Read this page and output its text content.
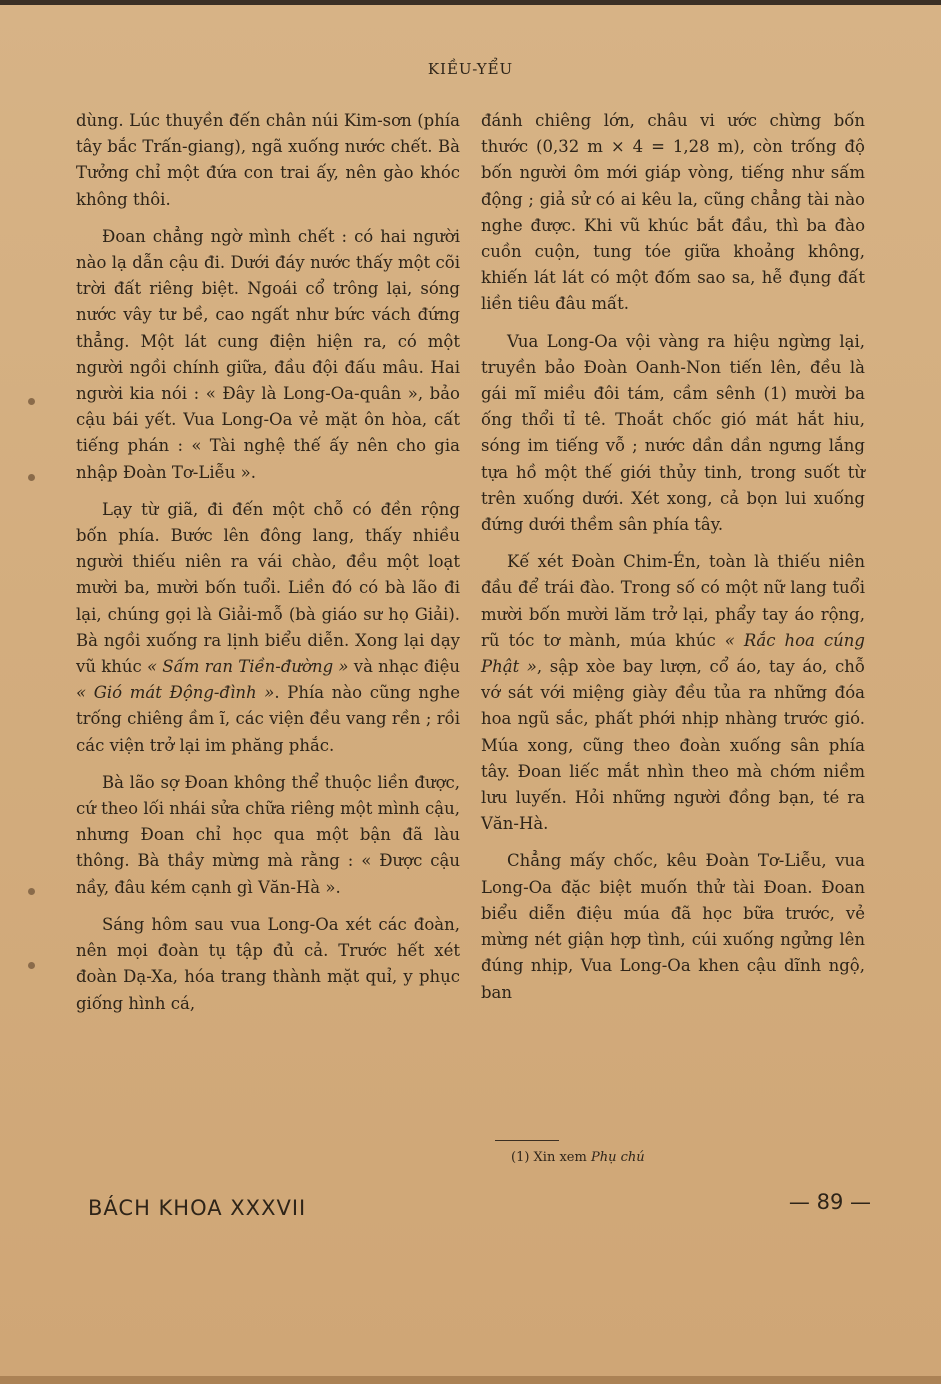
KIỀU-YỂU

dùng. Lúc thuyền đến chân núi Kim-sơn (phía tây bắc Trấn-giang), ngã xuống nước chết. Bà Tưởng chỉ một đứa con trai ấy, nên gào khóc không thôi.

Đoan chẳng ngờ mình chết : có hai người nào lạ dẫn cậu đi. Dưới đáy nước thấy một cõi trời đất riêng biệt. Ngoái cổ trông lại, sóng nước vây tư bề, cao ngất như bức vách đứng thẳng. Một lát cung điện hiện ra, có một người ngồi chính giữa, đầu đội đấu mâu. Hai người kia nói : « Đây là Long-Oa-quân », bảo cậu bái yết. Vua Long-Oa vẻ mặt ôn hòa, cất tiếng phán : « Tài nghệ thế ấy nên cho gia nhập Đoàn Tơ-Liễu ».

Lạy từ giã, đi đến một chỗ có đền rộng bốn phía. Bước lên đông lang, thấy nhiều người thiếu niên ra vái chào, đều một loạt mười ba, mười bốn tuổi. Liền đó có bà lão đi lại, chúng gọi là Giải-mỗ (bà giáo sư họ Giải). Bà ngồi xuống ra lịnh biểu diễn. Xong lại dạy vũ khúc « Sấm ran Tiền-đường » và nhạc điệu « Gió mát Động-đình ». Phía nào cũng nghe trống chiêng ầm ĩ, các viện đều vang rền ; rồi các viện trở lại im phăng phắc.

Bà lão sợ Đoan không thể thuộc liền được, cứ theo lối nhái sửa chữa riêng một mình cậu, nhưng Đoan chỉ học qua một bận đã làu thông. Bà thầy mừng mà rằng : « Được cậu nầy, đâu kém cạnh gì Văn-Hà ».

Sáng hôm sau vua Long-Oa xét các đoàn, nên mọi đoàn tụ tập đủ cả. Trước hết xét đoàn Dạ-Xa, hóa trang thành mặt quỉ, y phục giống hình cá,

đánh chiêng lớn, châu vi ước chừng bốn thước (0,32 m × 4 = 1,28 m), còn trống độ bốn người ôm mới giáp vòng, tiếng như sấm động ; giả sử có ai kêu la, cũng chẳng tài nào nghe được. Khi vũ khúc bắt đầu, thì ba đào cuồn cuộn, tung tóe giữa khoảng không, khiến lát lát có một đốm sao sa, hễ đụng đất liền tiêu đâu mất.

Vua Long-Oa vội vàng ra hiệu ngừng lại, truyền bảo Đoàn Oanh-Non tiến lên, đều là gái mĩ miều đôi tám, cầm sênh (1) mười ba ống thổi tỉ tê. Thoắt chốc gió mát hắt hiu, sóng im tiếng vỗ ; nước dần dần ngưng lắng tựa hồ một thế giới thủy tinh, trong suốt từ trên xuống dưới. Xét xong, cả bọn lui xuống đứng dưới thềm sân phía tây.

Kế xét Đoàn Chim-Én, toàn là thiếu niên đầu để trái đào. Trong số có một nữ lang tuổi mười bốn mười lăm trở lại, phẩy tay áo rộng, rũ tóc tơ mành, múa khúc « Rắc hoa cúng Phật », sập xòe bay lượn, cổ áo, tay áo, chỗ vớ sát với miệng giày đều tủa ra những đóa hoa ngũ sắc, phất phới nhịp nhàng trước gió. Múa xong, cũng theo đoàn xuống sân phía tây. Đoan liếc mắt nhìn theo mà chớm niềm lưu luyến. Hỏi những người đồng bạn, té ra Văn-Hà.

Chẳng mấy chốc, kêu Đoàn Tơ-Liễu, vua Long-Oa đặc biệt muốn thử tài Đoan. Đoan biểu diễn điệu múa đã học bữa trước, vẻ mừng nét giận hợp tình, cúi xuống ngửng lên đúng nhịp, Vua Long-Oa khen cậu dĩnh ngộ, ban

(1) Xin xem Phụ chú
BÁCH KHOA XXXVII	— 89 —
